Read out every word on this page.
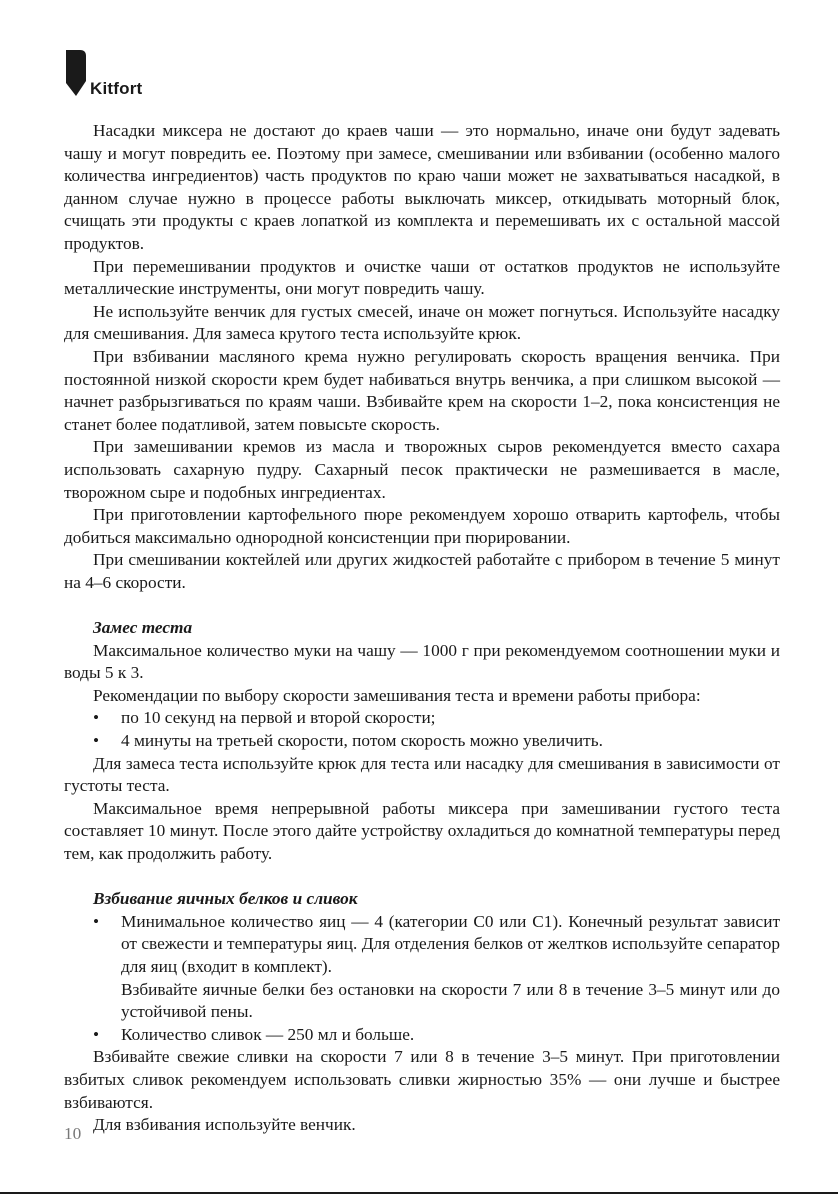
Kitfort

Насадки миксера не достают до краев чаши — это нормально, иначе они будут задевать чашу и могут повредить ее. Поэтому при замесе, смешивании или взбивании (особенно малого количества ингредиентов) часть продуктов по краю чаши может не захватываться насадкой, в данном случае нужно в процессе работы выключать миксер, откидывать моторный блок, счищать эти продукты с краев лопаткой из комплекта и перемешивать их с остальной массой продуктов.

При перемешивании продуктов и очистке чаши от остатков продуктов не используйте металлические инструменты, они могут повредить чашу.

Не используйте венчик для густых смесей, иначе он может погнуться. Используйте насадку для смешивания. Для замеса крутого теста используйте крюк.

При взбивании масляного крема нужно регулировать скорость вращения венчика. При постоянной низкой скорости крем будет набиваться внутрь венчика, а при слишком высокой — начнет разбрызгиваться по краям чаши. Взбивайте крем на скорости 1–2, пока консистенция не станет более податливой, затем повысьте скорость.

При замешивании кремов из масла и творожных сыров рекомендуется вместо сахара использовать сахарную пудру. Сахарный песок практически не размешивается в масле, творожном сыре и подобных ингредиентах.

При приготовлении картофельного пюре рекомендуем хорошо отварить картофель, чтобы добиться максимально однородной консистенции при пюрировании.

При смешивании коктейлей или других жидкостей работайте с прибором в течение 5 минут на 4–6 скорости.

Замес теста

Максимальное количество муки на чашу — 1000 г при рекомендуемом соотношении муки и воды 5 к 3.

Рекомендации по выбору скорости замешивания теста и времени работы прибора:

• по 10 секунд на первой и второй скорости;
• 4 минуты на третьей скорости, потом скорость можно увеличить.

Для замеса теста используйте крюк для теста или насадку для смешивания в зависимости от густоты теста.

Максимальное время непрерывной работы миксера при замешивании густого теста составляет 10 минут. После этого дайте устройству охладиться до комнатной температуры перед тем, как продолжить работу.

Взбивание яичных белков и сливок
• Минимальное количество яиц — 4 (категории С0 или С1). Конечный результат зависит от свежести и температуры яиц. Для отделения белков от желтков используйте сепаратор для яиц (входит в комплект).
Взбивайте яичные белки без остановки на скорости 7 или 8 в течение 3–5 минут или до устойчивой пены.
• Количество сливок — 250 мл и больше.

Взбивайте свежие сливки на скорости 7 или 8 в течение 3–5 минут. При приготовлении взбитых сливок рекомендуем использовать сливки жирностью 35% — они лучше и быстрее взбиваются.

Для взбивания используйте венчик.

10
